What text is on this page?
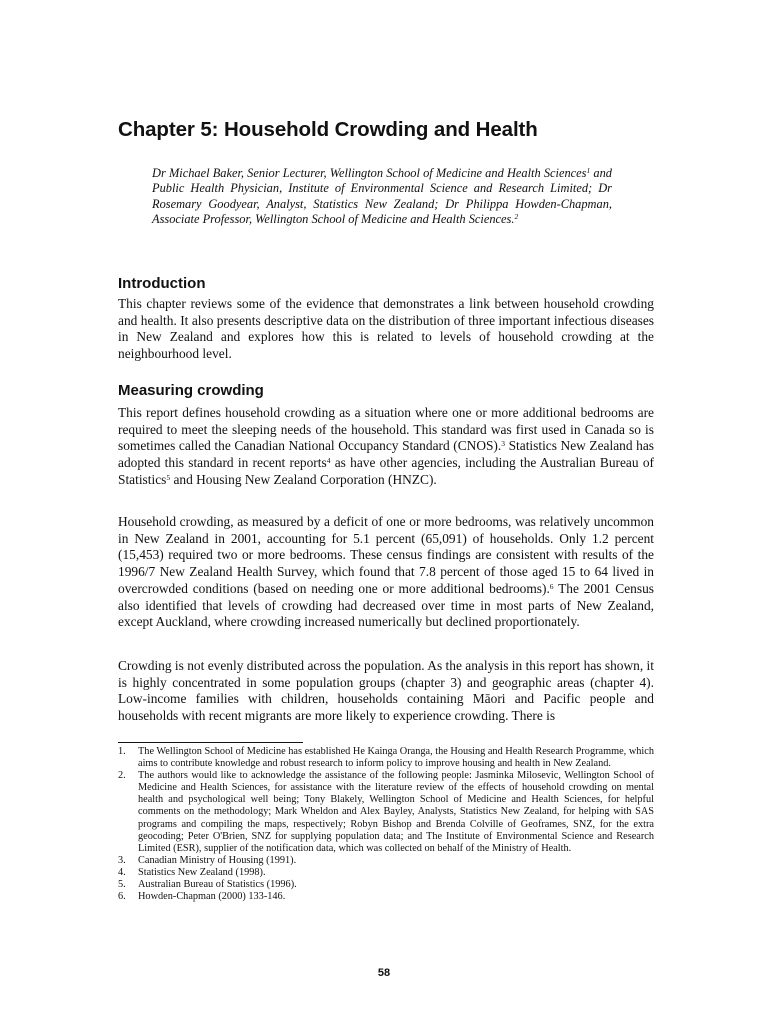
Chapter 5: Household Crowding and Health

Dr Michael Baker, Senior Lecturer, Wellington School of Medicine and Health Sciences$^1$ and Public Health Physician, Institute of Environmental Science and Research Limited; Dr Rosemary Goodyear, Analyst, Statistics New Zealand; Dr Philippa Howden-Chapman, Associate Professor, Wellington School of Medicine and Health Sciences.$^2$

Introduction

This chapter reviews some of the evidence that demonstrates a link between household crowding and health. It also presents descriptive data on the distribution of three important infectious diseases in New Zealand and explores how this is related to levels of household crowding at the neighbourhood level.

Measuring crowding

This report defines household crowding as a situation where one or more additional bedrooms are required to meet the sleeping needs of the household. This standard was first used in Canada so is sometimes called the Canadian National Occupancy Standard (CNOS).$^3$ Statistics New Zealand has adopted this standard in recent reports$^4$ as have other agencies, including the Australian Bureau of Statistics$^5$ and Housing New Zealand Corporation (HNZC).

Household crowding, as measured by a deficit of one or more bedrooms, was relatively uncommon in New Zealand in 2001, accounting for 5.1 percent (65,091) of households. Only 1.2 percent (15,453) required two or more bedrooms. These census findings are consistent with results of the 1996/7 New Zealand Health Survey, which found that 7.8 percent of those aged 15 to 64 lived in overcrowded conditions (based on needing one or more additional bedrooms).$^6$ The 2001 Census also identified that levels of crowding had decreased over time in most parts of New Zealand, except Auckland, where crowding increased numerically but declined proportionately.

Crowding is not evenly distributed across the population. As the analysis in this report has shown, it is highly concentrated in some population groups (chapter 3) and geographic areas (chapter 4). Low-income families with children, households containing Māori and Pacific people and households with recent migrants are more likely to experience crowding. There is

1. The Wellington School of Medicine has established He Kainga Oranga, the Housing and Health Research Programme, which aims to contribute knowledge and robust research to inform policy to improve housing and health in New Zealand.
2. The authors would like to acknowledge the assistance of the following people: Jasminka Milosevic, Wellington School of Medicine and Health Sciences, for assistance with the literature review of the effects of household crowding on mental health and psychological well being; Tony Blakely, Wellington School of Medicine and Health Sciences, for helpful comments on the methodology; Mark Wheldon and Alex Bayley, Analysts, Statistics New Zealand, for helping with SAS programs and compiling the maps, respectively; Robyn Bishop and Brenda Colville of Geoframes, SNZ, for the extra geocoding; Peter O'Brien, SNZ for supplying population data; and The Institute of Environmental Science and Research Limited (ESR), supplier of the notification data, which was collected on behalf of the Ministry of Health.
3. Canadian Ministry of Housing (1991).
4. Statistics New Zealand (1998).
5. Australian Bureau of Statistics (1996).
6. Howden-Chapman (2000) 133-146.
58
